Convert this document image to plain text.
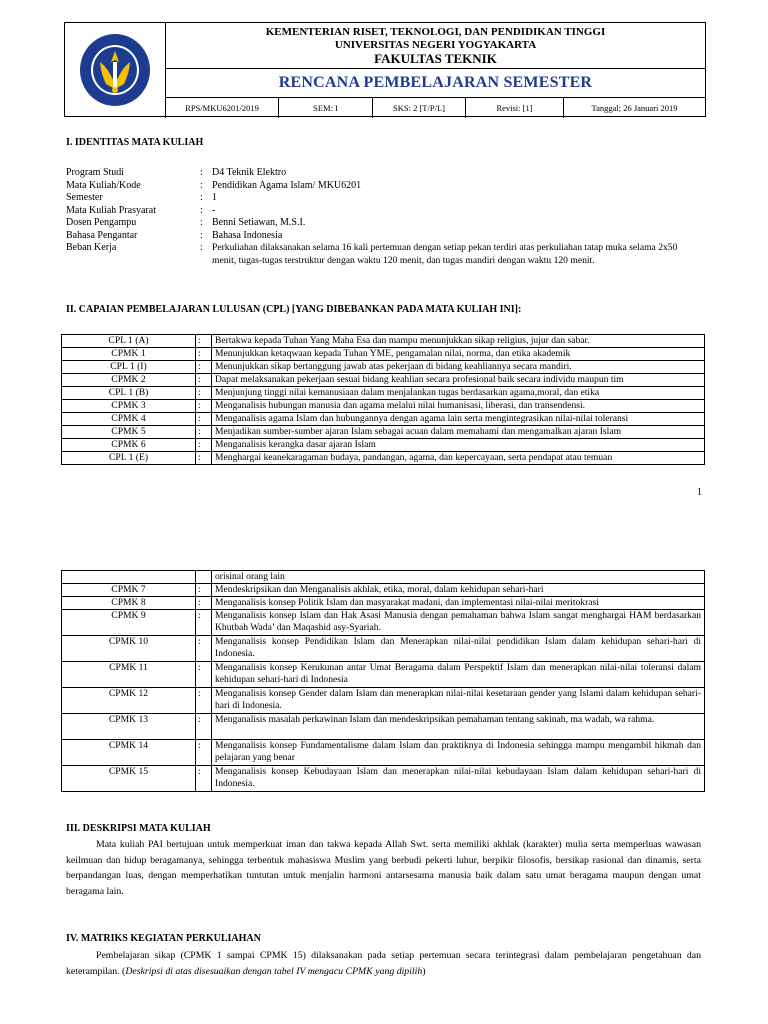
KEMENTERIAN RISET, TEKNOLOGI, DAN PENDIDIKAN TINGGI
UNIVERSITAS NEGERI YOGYAKARTA
FAKULTAS TEKNIK
RENCANA PEMBELAJARAN SEMESTER
RPS/MKU6201/2019	SEM: I	SKS: 2 [T/P/L]	Revisi: [1]	Tanggal; 26 Januari 2019
I. IDENTITAS MATA KULIAH
Program Studi	: D4 Teknik Elektro
Mata Kuliah/Kode	: Pendidikan Agama Islam/ MKU6201
Semester	: 1
Mata Kuliah Prasyarat	: -
Dosen Pengampu	: Benni Setiawan, M.S.I.
Bahasa Pengantar	: Bahasa Indonesia
Beban Kerja	: Perkuliahan dilaksanakan selama 16 kali pertemuan dengan setiap pekan terdiri atas perkuliahan tatap muka selama 2x50 menit, tugas-tugas terstruktur dengan waktu 120 menit, dan tugas mandiri dengan waktu 120 menit.
II. CAPAIAN PEMBELAJARAN LULUSAN (CPL) [YANG DIBEBANKAN PADA MATA KULIAH INI]:
CPL 1 (A)	:	Bertakwa kepada Tuhan Yang Maha Esa dan mampu menunjukkan sikap religius, jujur dan sabar.
CPMK 1	:	Menunjukkan ketaqwaan kepada Tuhan YME, pengamalan nilai, norma, dan etika akademik
CPL 1 (I)	:	Menunjukkan sikap bertanggung jawab atas pekerjaan di bidang keahliannya secara mandiri.
CPMK 2	:	Dapat melaksanakan pekerjaan sesuai bidang keahlian secara profesional baik secara individu maupun tim
CPL 1 (B)	:	Menjunjung tinggi nilai kemanusiaan dalam menjalankan tugas berdasarkan agama,moral, dan etika
CPMK 3	:	Menganalisis hubungan manusia dan agama melalui nilai humanisasi, liberasi, dan transendensi.
CPMK 4	:	Menganalisis agama Islam dan hubungannya dengan agama lain serta mengintegrasikan nilai-nilai toleransi
CPMK 5	:	Menjadikan sumber-sumber ajaran Islam sebagai acuan dalam memahami dan mengamalkan ajaran Islam
CPMK 6	:	Menganalisis kerangka dasar ajaran Islam
CPL 1 (E)	:	Menghargai keanekaragaman budaya, pandangan, agama, dan kepercayaan, serta pendapat atau temuan
1
		orisinal orang lain
CPMK 7	:	Mendeskripsikan dan Menganalisis akhlak, etika, moral, dalam kehidupan sehari-hari
CPMK 8	:	Menganalisis konsep Politik Islam dan masyarakat madani, dan implementasi nilai-nilai meritokrasi
CPMK 9	:	Menganalisis konsep Islam dan Hak Asasi Manusia dengan pemahaman bahwa Islam sangat menghargai HAM berdasarkan Khutbah Wada’ dan Maqashid asy-Syariah.
CPMK 10	:	Menganalisis konsep Pendidikan Islam dan Menerapkan nilai-nilai pendidikan Islam dalam kehidupan sehari-hari di Indonesia.
CPMK 11	:	Menganalisis konsep Kerukunan antar Umat Beragama dalam Perspektif Islam dan menerapkan nilai-nilai toleransi dalam kehidupan sehari-hari di Indonesia
CPMK 12	:	Menganalisis konsep Gender dalam Islam dan menerapkan nilai-nilai kesetaraan gender yang Islami dalam kehidupan sehari-hari di Indonesia.
CPMK 13	:	Menganalisis masalah perkawinan Islam dan mendeskripsikan pemahaman tentang sakinah, ma wadah, wa rahma.
CPMK 14	:	Menganalisis konsep Fundamentalisme dalam Islam dan praktiknya di Indonesia sehingga mampu mengambil hikmah dan pelajaran yang benar
CPMK 15	:	Menganalisis konsep Kebudayaan Islam dan menerapkan nilai-nilai kebudayaan Islam dalam kehidupan sehari-hari di Indonesia.
III. DESKRIPSI MATA KULIAH
Mata kuliah PAI bertujuan untuk memperkuat iman dan takwa kepada Allah Swt. serta memiliki akhlak (karakter) mulia serta memperluas wawasan keilmuan dan hidup beragamanya, sehingga terbentuk mahasiswa Muslim yang berbudi pekerti luhur, berpikir filosofis, bersikap rasional dan dinamis, serta berpandangan luas, dengan memperhatikan tuntutan untuk menjalin harmoni antarsesama manusia baik dalam satu umat beragama maupun dengan umat beragama lain.
IV. MATRIKS KEGIATAN PERKULIAHAN
Pembelajaran sikap (CPMK 1 sampai CPMK 15) dilaksanakan pada setiap pertemuan secara terintegrasi dalam pembelajaran pengetahuan dan keterampilan. (Deskripsi di atas disesuaikan dengan tabel IV mengacu CPMK yang dipilih)
